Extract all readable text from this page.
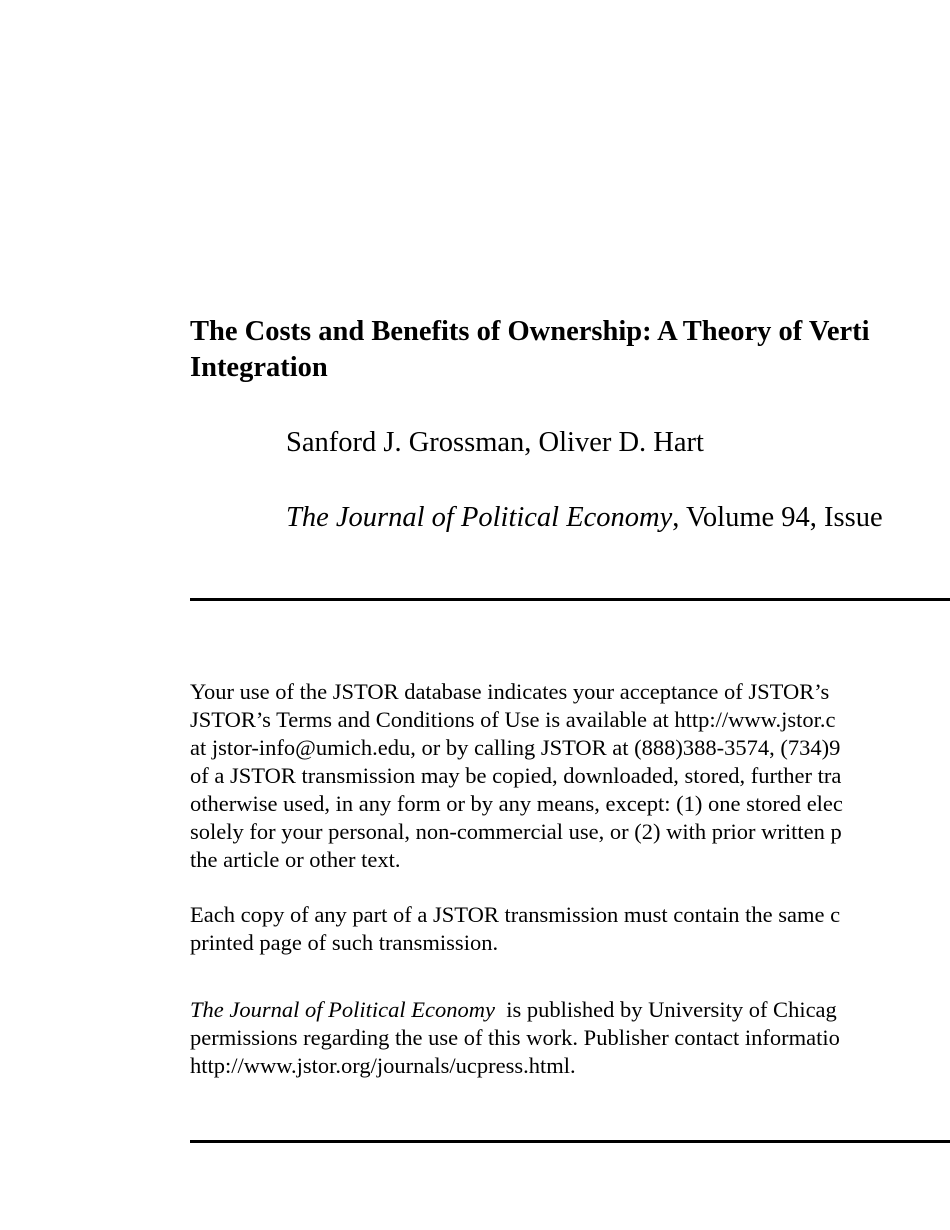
The Costs and Benefits of Ownership: A Theory of Verti

Integration

Sanford J. Grossman, Oliver D. Hart

The Journal of Political Economy, Volume 94, Issue

Your use of the JSTOR database indicates your acceptance of JSTOR’s

JSTOR’s Terms and Conditions of Use is available at http://www.jstor.c

at jstor-info@umich.edu, or by calling JSTOR at (888)388-3574, (734)9

of a JSTOR transmission may be copied, downloaded, stored, further tra

otherwise used, in any form or by any means, except: (1) one stored elec

solely for your personal, non-commercial use, or (2) with prior written p

the article or other text.

Each copy of any part of a JSTOR transmission must contain the same c

printed page of such transmission.

The Journal of Political Economy  is published by University of Chicag

permissions regarding the use of this work. Publisher contact informatio

http://www.jstor.org/journals/ucpress.html.
